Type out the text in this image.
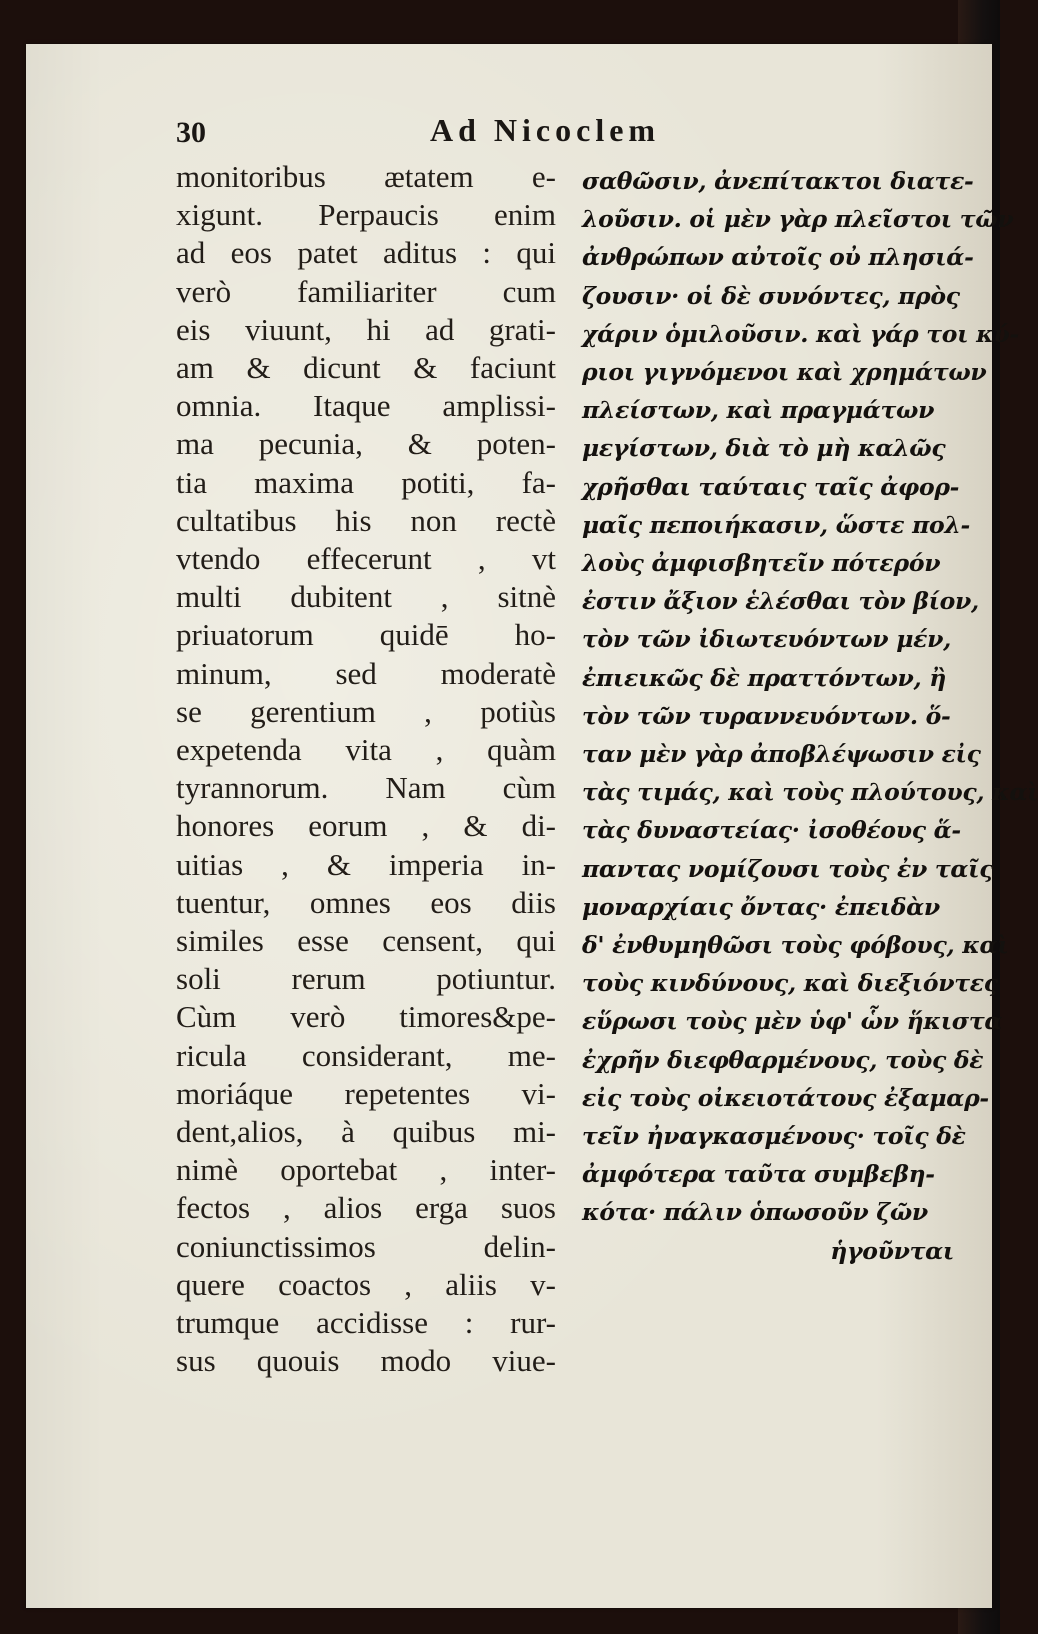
30	Ad Nicoclem
monitoribus ætatem e-
xigunt. Perpaucis enim
ad eos patet aditus : qui
verò familiariter cum
eis viuunt, hi ad grati-
am & dicunt & faciunt
omnia. Itaque amplissi-
ma pecunia, & poten-
tia maxima potiti, fa-
cultatibus his non rectè
vtendo effecerunt , vt
multi dubitent , sitnè
priuatorum quidē ho-
minum, sed moderatè
se gerentium , potiùs
expetenda vita , quàm
tyrannorum. Nam cùm
honores eorum , & di-
uitias , & imperia in-
tuentur, omnes eos diis
similes esse censent, qui
soli rerum potiuntur.
Cùm verò timores&pe-
ricula considerant, me-
moriáque repetentes vi-
dent,alios, à quibus mi-
nimè oportebat , inter-
fectos , alios erga suos
coniunctissimos delin-
quere coactos , aliis v-
trumque accidisse : rur-
sus quouis modo viue-
σαθῶσιν, ἀνεπίτακτοι διατε-
λοῦσιν. οἱ μὲν γὰρ πλεῖστοι τῶν
ἀνθρώπων αὐτοῖς οὐ πλησιά-
ζουσιν· οἱ δὲ συνόντες, πρὸς
χάριν ὁμιλοῦσιν. καὶ γάρ τοι κύ-
ριοι γιγνόμενοι καὶ χρημάτων
πλείστων, καὶ πραγμάτων
μεγίστων, διὰ τὸ μὴ καλῶς
χρῆσθαι ταύταις ταῖς ἀφορ-
μαῖς πεποιήκασιν, ὥστε πολ-
λοὺς ἀμφισβητεῖν πότερόν
ἐστιν ἄξιον ἑλέσθαι τὸν βίον,
τὸν τῶν ἰδιωτευόντων μέν,
ἐπιεικῶς δὲ πραττόντων, ἢ
τὸν τῶν τυραννευόντων. ὅ-
ταν μὲν γὰρ ἀποβλέψωσιν εἰς
τὰς τιμάς, καὶ τοὺς πλούτους, καὶ
τὰς δυναστείας· ἰσοθέους ἅ-
παντας νομίζουσι τοὺς ἐν ταῖς
μοναρχίαις ὄντας· ἐπειδὰν
δ' ἐνθυμηθῶσι τοὺς φόβους, καὶ
τοὺς κινδύνους, καὶ διεξιόντες
εὕρωσι τοὺς μὲν ὑφ' ὧν ἥκιστα
ἐχρῆν διεφθαρμένους, τοὺς δὲ
εἰς τοὺς οἰκειοτάτους ἐξαμαρ-
τεῖν ἠναγκασμένους· τοῖς δὲ
ἀμφότερα ταῦτα συμβεβη-
κότα· πάλιν ὁπωσοῦν ζῶν
ἡγοῦνται
